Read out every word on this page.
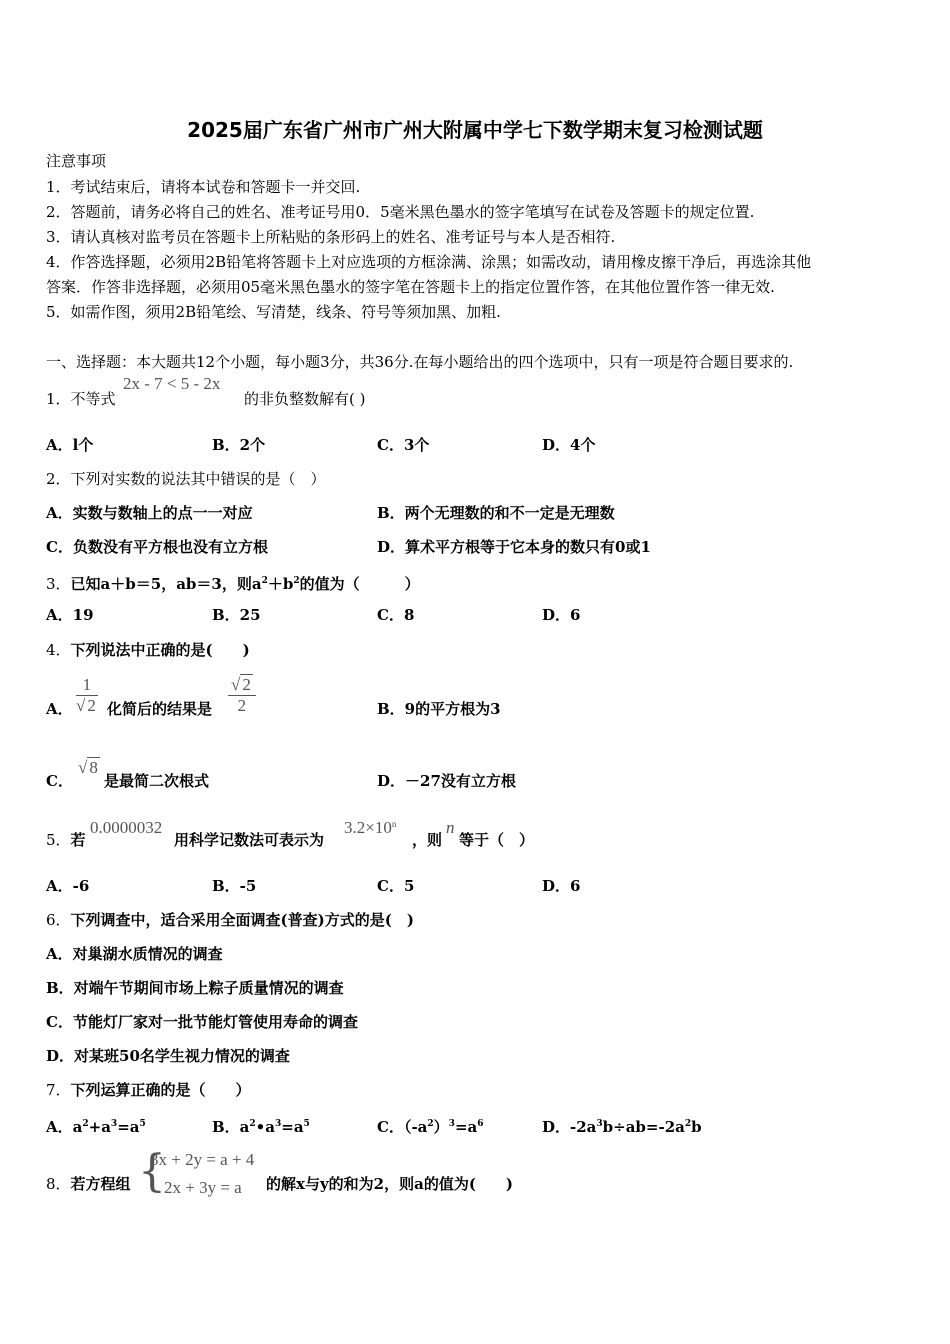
2025届广东省广州市广州大附属中学七下数学期末复习检测试题
注意事项
1．考试结束后，请将本试卷和答题卡一并交回.
2．答题前，请务必将自己的姓名、准考证号用0．5毫米黑色墨水的签字笔填写在试卷及答题卡的规定位置.
3．请认真核对监考员在答题卡上所粘贴的条形码上的姓名、准考证号与本人是否相符.
4．作答选择题，必须用2B铅笔将答题卡上对应选项的方框涂满、涂黑；如需改动，请用橡皮擦干净后，再选涂其他
答案．作答非选择题，必须用05毫米黑色墨水的签字笔在答题卡上的指定位置作答，在其他位置作答一律无效.
5．如需作图，须用2B铅笔绘、写清楚，线条、符号等须加黑、加粗.
一、选择题：本大题共12个小题，每小题3分，共36分.在每小题给出的四个选项中，只有一项是符合题目要求的.
1．不等式
2x - 7 < 5 - 2x
的非负整数解有( )
A．l个	B．2个	C．3个	D．4个
2．下列对实数的说法其中错误的是（　）
A．实数与数轴上的点一一对应	B．两个无理数的和不一定是无理数
C．负数没有平方根也没有立方根	D．算术平方根等于它本身的数只有0或1
3．已知a＋b＝5，ab＝3，则$a^2+b^2$的值为（　　　）
A．19	B．25	C．8	D．6
4．下列说法中正确的是(　　)
A． $\frac{1}{√ 2}$ 化简后的结果是 $\frac{√ 2}{2}$	B．9的平方根为3
C．
√ 8
是最简二次根式	D．－27没有立方根
5．若
0.0000032
用科学记数法可表示为
$3.2\times 10^n$
，则
n
等于（　）
A．-6	B．-5	C．5	D．6
6．下列调查中，适合采用全面调查(普查)方式的是(　)
A．对巢湖水质情况的调查
B．对端午节期间市场上粽子质量情况的调查
C．节能灯厂家对一批节能灯管使用寿命的调查
D．对某班50名学生视力情况的调查
7．下列运算正确的是（　　）
A．$a^2+a^3=a^5$	B．$a^2•a^3=a^5$	C．$(-a^2)^3=a^6$	D．$-2a^3b\div ab=-2a^2b$
8．若方程组 {
3x + 2y = a + 4
2x + 3y = a 的解x与y的和为2，则a的值为(　　)
